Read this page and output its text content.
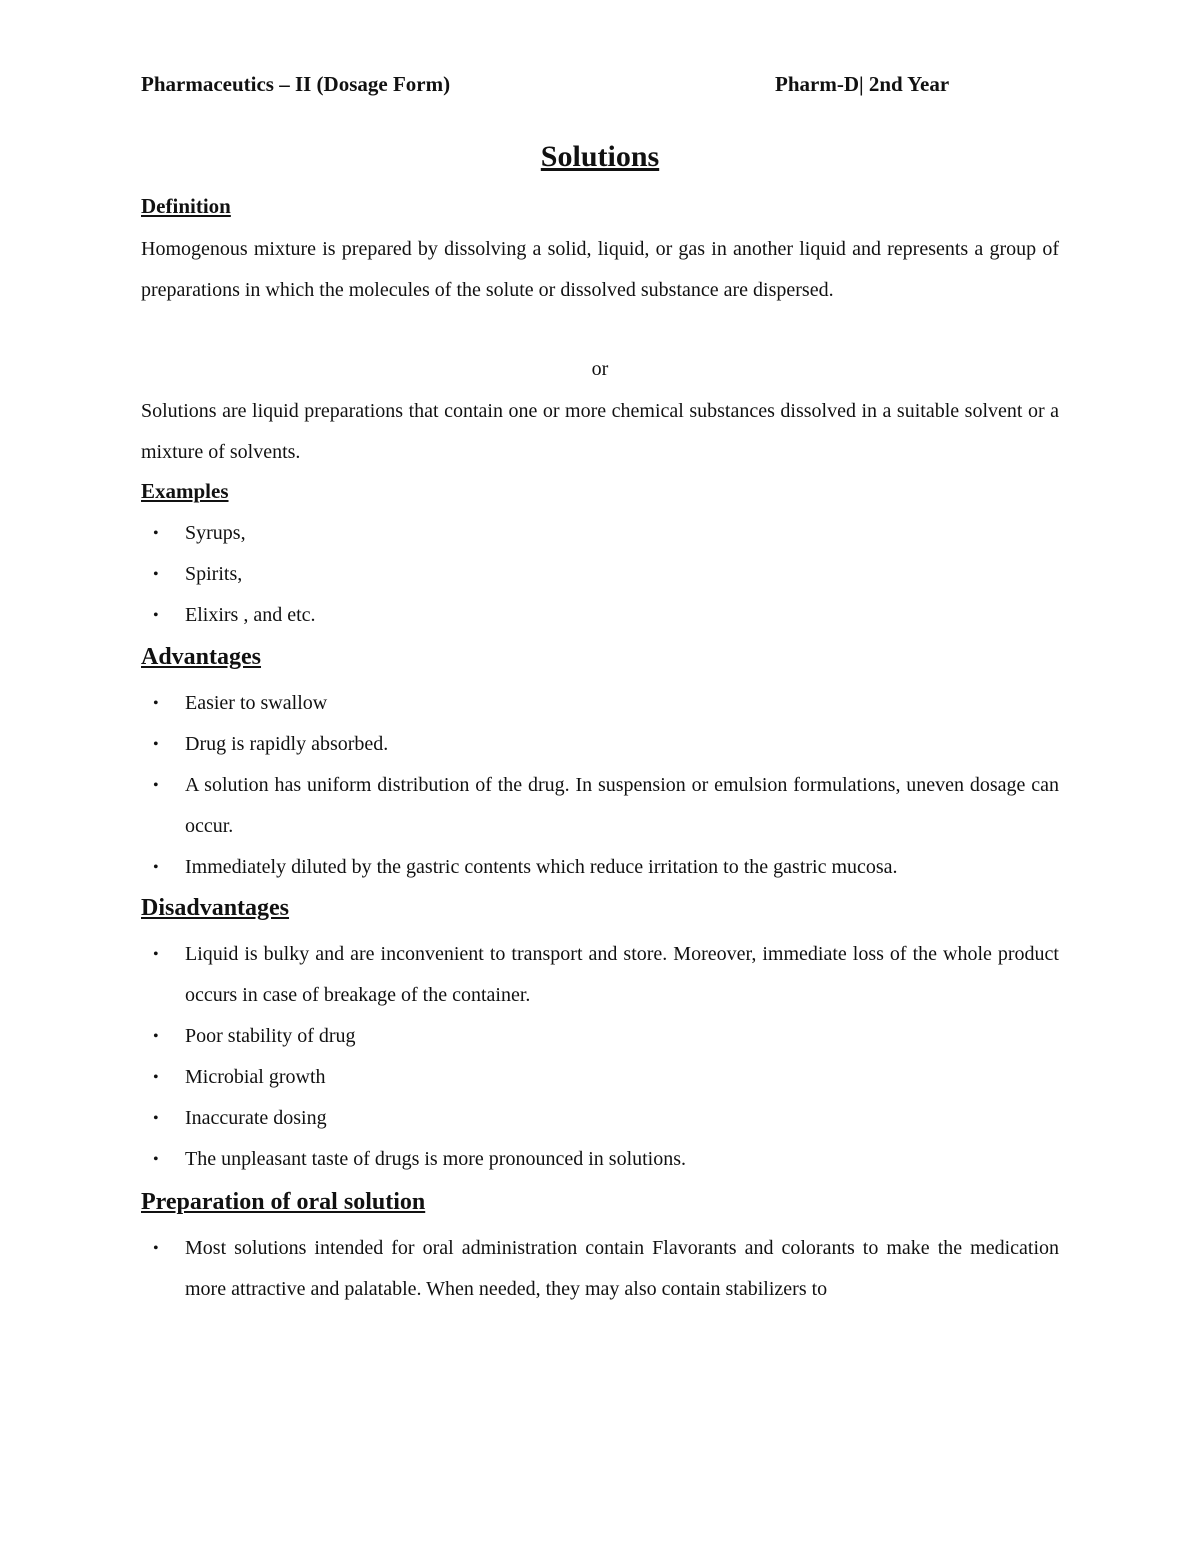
Pharmaceutics – II (Dosage Form)	Pharm-D| 2nd Year
Solutions
Definition

Homogenous mixture is prepared by dissolving a solid, liquid, or gas in another liquid and represents a group of preparations in which the molecules of the solute or dissolved substance are dispersed.

or

Solutions are liquid preparations that contain one or more chemical substances dissolved in a suitable solvent or a mixture of solvents.

Examples
• Syrups,
• Spirits,
• Elixirs , and etc.
Advantages
• Easier to swallow
• Drug is rapidly absorbed.
• A solution has uniform distribution of the drug. In suspension or emulsion formulations, uneven dosage can occur.
• Immediately diluted by the gastric contents which reduce irritation to the gastric mucosa.
Disadvantages
• Liquid is bulky and are inconvenient to transport and store. Moreover, immediate loss of the whole product occurs in case of breakage of the container.
• Poor stability of drug
• Microbial growth
• Inaccurate dosing
• The unpleasant taste of drugs is more pronounced in solutions.
Preparation of oral solution
• Most solutions intended for oral administration contain Flavorants and colorants to make the medication more attractive and palatable. When needed, they may also contain stabilizers to
